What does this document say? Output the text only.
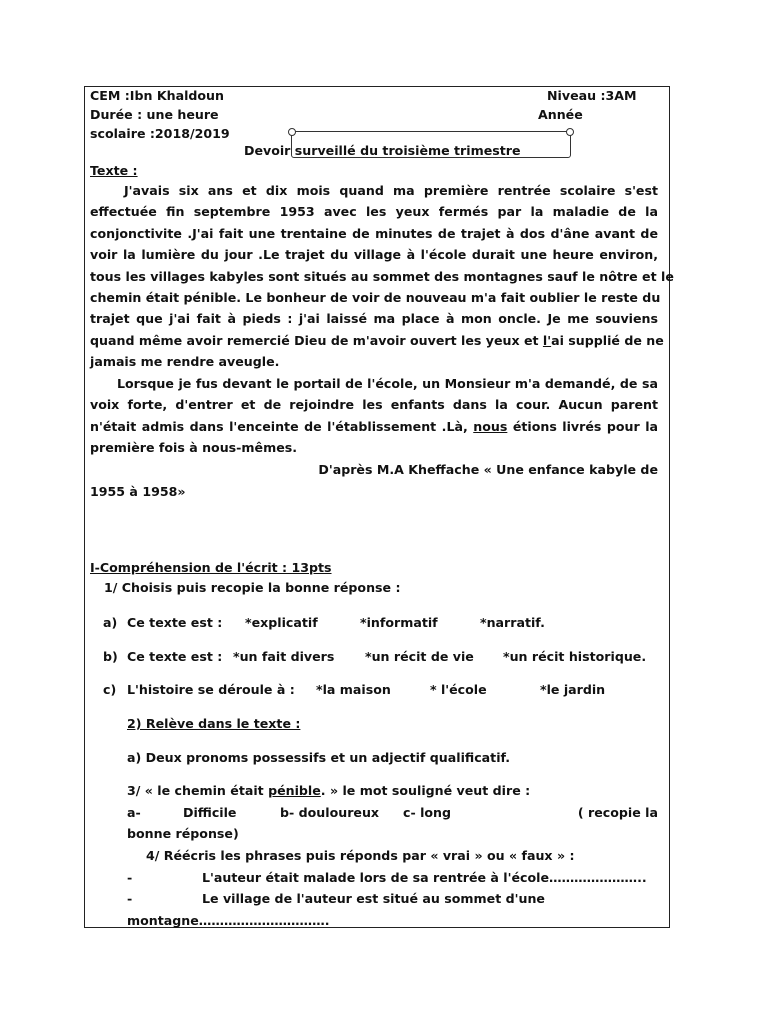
CEM :Ibn Khaldoun	Niveau :3AM
Durée : une heure	Année
scolaire :2018/2019
Devoir surveillé du troisième trimestre
Texte :
J'avais six ans et dix mois quand ma première rentrée scolaire s'est
effectuée fin septembre 1953 avec les yeux fermés par la maladie de la
conjonctivite .J'ai fait une trentaine de minutes de trajet à dos d'âne avant de
voir la lumière du jour .Le trajet du village à l'école durait une heure environ,
tous les villages kabyles sont situés au sommet des montagnes sauf le nôtre et le
chemin était pénible. Le bonheur de voir de nouveau m'a fait oublier le reste du
trajet que j'ai fait à pieds : j'ai laissé ma place à mon oncle. Je me souviens
quand même avoir remercié Dieu de m'avoir ouvert les yeux et l'ai supplié de ne
jamais me rendre aveugle.
Lorsque je fus devant le portail de l'école, un Monsieur m'a demandé, de sa
voix forte, d'entrer et de rejoindre les enfants dans la cour. Aucun parent
n'était admis dans l'enceinte de l'établissement .Là, nous étions livrés pour la
première fois à nous-mêmes.
D'après M.A Kheffache « Une enfance kabyle de
1955 à 1958»
I-Compréhension de l'écrit : 13pts
1/ Choisis puis recopie la bonne réponse :
a) Ce texte est : *explicatif	*informatif	*narratif.
b) Ce texte est : *un fait divers *un récit de vie *un récit historique.
c) L'histoire se déroule à : *la maison	* l'école	*le jardin
2) Relève dans le texte :
a) Deux pronoms possessifs et un adjectif qualificatif.
3/ « le chemin était pénible. » le mot souligné veut dire :
a-	Difficile	b- douloureux c- long	( recopie la
bonne réponse)
4/ Réécris les phrases puis réponds par « vrai » ou « faux » :
-	L'auteur était malade lors de sa rentrée à l'école…………………..
-	Le village de l'auteur est situé au sommet d'une
montagne………………………….
